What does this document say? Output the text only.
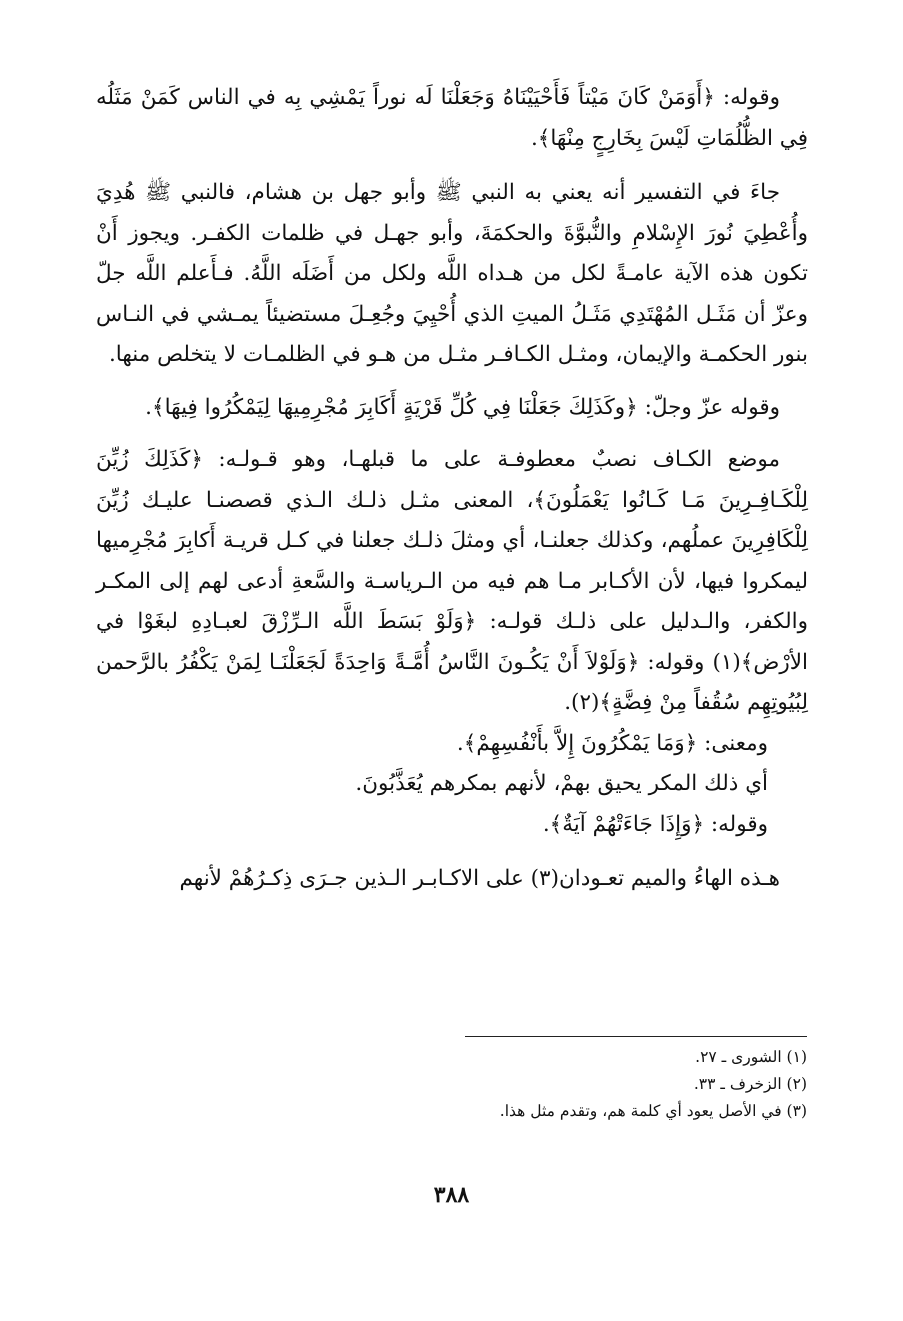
وقوله: ﴿أَوَمَنْ كَانَ مَيْتاً فَأَحْيَيْنَاهُ وَجَعَلْنَا لَه نوراً يَمْشِي بِه في الناس كَمَنْ مَثَلُه فِي الظُّلُمَاتِ لَيْسَ بِخَارِجٍ مِنْهَا﴾.

جاءَ في التفسير أنه يعني به النبي ﷺ وأبو جهل بن هشام، فالنبي ﷺ هُدِيَ وأُعْطِيَ نُورَ الإِسْلامِ والنُّبوَّةَ والحكمَةَ، وأبو جهـل في ظلمات الكفـر. ويجوز أَنْ تكون هذه الآية عامـةً لكل من هـداه اللَّه ولكل من أَضَلَه اللَّهُ. فـأَعلم اللَّه جلّ وعزّ أن مَثَـل المُهْتَدِي مَثَـلُ الميتِ الذي أُحْيِيَ وجُعِـلَ مستضيئاً يمـشي في النـاس بنور الحكمـة والإيمان، ومثـل الكـافـر مثـل من هـو في الظلمـات لا يتخلص منها.

وقوله عزّ وجلّ: ﴿وكَذَلِكَ جَعَلْنَا فِي كُلِّ قَرْيَةٍ أَكَابِرَ مُجْرِمِيهَا لِيَمْكُرُوا فِيهَا﴾.

موضع الكـاف نصبٌ معطوفـة على ما قبلهـا، وهو قـولـه: ﴿كَذَلِكَ زُيِّنَ لِلْكَـافِـرِينَ مَـا كَـانُوا يَعْمَلُونَ﴾، المعنى مثـل ذلـك الـذي قصصنـا عليـك زُيِّنَ لِلْكَافِرِينَ عملُهم، وكذلك جعلنـا، أي ومثلَ ذلـك جعلنا في كـل قريـة أَكابِرَ مُجْرِميها ليمكروا فيها، لأن الأكـابر مـا هم فيه من الـرياسـة والسَّعةِ أدعى لهم إلى المكـر والكفر، والـدليل على ذلـك قولـه: ﴿وَلَوْ بَسَطَ اللَّه الـرِّزْقَ لعبـادِهِ لبغَوْا في الأرْض﴾(١) وقوله: ﴿وَلَوْلاَ أَنْ يَكُـونَ النَّاسُ أُمَّـةً وَاحِدَةً لَجَعَلْنَـا لِمَنْ يَكْفُرُ بالرَّحمن لِبُيُوتِهِم سُقُفاً مِنْ فِضَّةٍ﴾(٢).

ومعنى: ﴿وَمَا يَمْكُرُونَ إِلاَّ بأَنْفُسِهِمْ﴾.

أي ذلك المكر يحيق بهمْ، لأنهم بمكرهم يُعَذَّبُونَ.

وقوله: ﴿وَإِذَا جَاءَتْهُمْ آيَةٌ﴾.

هـذه الهاءُ والميم تعـودان(٣) على الاكـابـر الـذين جـرَى ذِكـرُهُمْ لأنهم

(١) الشورى ـ ٢٧.

(٢) الزخرف ـ ٣٣.

(٣) في الأصل يعود أي كلمة هم، وتقدم مثل هذا.

٣٨٨
